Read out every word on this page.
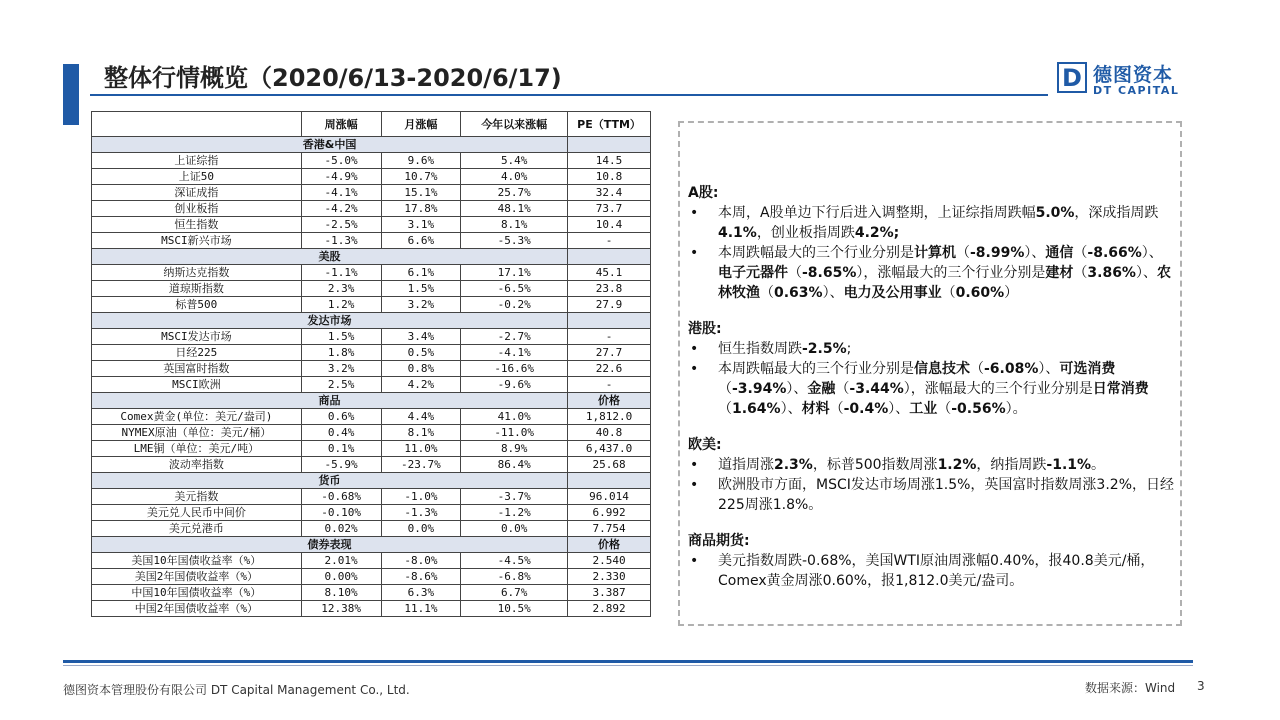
整体行情概览（2020/6/13-2020/6/17)	D 德图资本
DT CAPITAL
	周涨幅	月涨幅	今年以来涨幅	PE（TTM）
香港&中国				
上证综指	-5.0%	9.6%	5.4%	14.5
上证50	-4.9%	10.7%	4.0%	10.8
深证成指	-4.1%	15.1%	25.7%	32.4
创业板指	-4.2%	17.8%	48.1%	73.7
恒生指数	-2.5%	3.1%	8.1%	10.4
MSCI新兴市场	-1.3%	6.6%	-5.3%	-
美股				
纳斯达克指数	-1.1%	6.1%	17.1%	45.1
道琼斯指数	2.3%	1.5%	-6.5%	23.8
标普500	1.2%	3.2%	-0.2%	27.9
发达市场				
MSCI发达市场	1.5%	3.4%	-2.7%	-
日经225	1.8%	0.5%	-4.1%	27.7
英国富时指数	3.2%	0.8%	-16.6%	22.6
MSCI欧洲	2.5%	4.2%	-9.6%	-
商品				价格
Comex黄金(单位：美元/盎司)	0.6%	4.4%	41.0%	1,812.0
NYMEX原油（单位：美元/桶）	0.4%	8.1%	-11.0%	40.8
LME铜（单位：美元/吨）	0.1%	11.0%	8.9%	6,437.0
波动率指数	-5.9%	-23.7%	86.4%	25.68
货币				
美元指数	-0.68%	-1.0%	-3.7%	96.014
美元兑人民币中间价	-0.10%	-1.3%	-1.2%	6.992
美元兑港币	0.02%	0.0%	0.0%	7.754
债券表现				价格
美国10年国债收益率（%）	2.01%	-8.0%	-4.5%	2.540
美国2年国债收益率（%）	0.00%	-8.6%	-6.8%	2.330
中国10年国债收益率（%）	8.10%	6.3%	6.7%	3.387
中国2年国债收益率（%）	12.38%	11.1%	10.5%	2.892
A股:
• 本周，A股单边下行后进入调整期，上证综指周跌幅5.0%，深成指周跌4.1%，创业板指周跌4.2%;
• 本周跌幅最大的三个行业分别是计算机（-8.99%）、通信（-8.66%）、电子元器件（-8.65%），涨幅最大的三个行业分别是建材（3.86%）、农林牧渔（0.63%）、电力及公用事业（0.60%）
港股:
• 恒生指数周跌-2.5%;
• 本周跌幅最大的三个行业分别是信息技术（-6.08%）、可选消费（-3.94%）、金融（-3.44%），涨幅最大的三个行业分别是日常消费（1.64%）、材料（-0.4%）、工业（-0.56%）。
欧美:
• 道指周涨2.3%，标普500指数周涨1.2%，纳指周跌-1.1%。
• 欧洲股市方面，MSCI发达市场周涨1.5%，英国富时指数周涨3.2%，日经225周涨1.8%。
商品期货:
• 美元指数周跌-0.68%，美国WTI原油周涨幅0.40%，报40.8美元/桶，Comex黄金周涨0.60%，报1,812.0美元/盎司。
德图资本管理股份有限公司 DT Capital Management Co., Ltd.	数据来源：Wind 3
